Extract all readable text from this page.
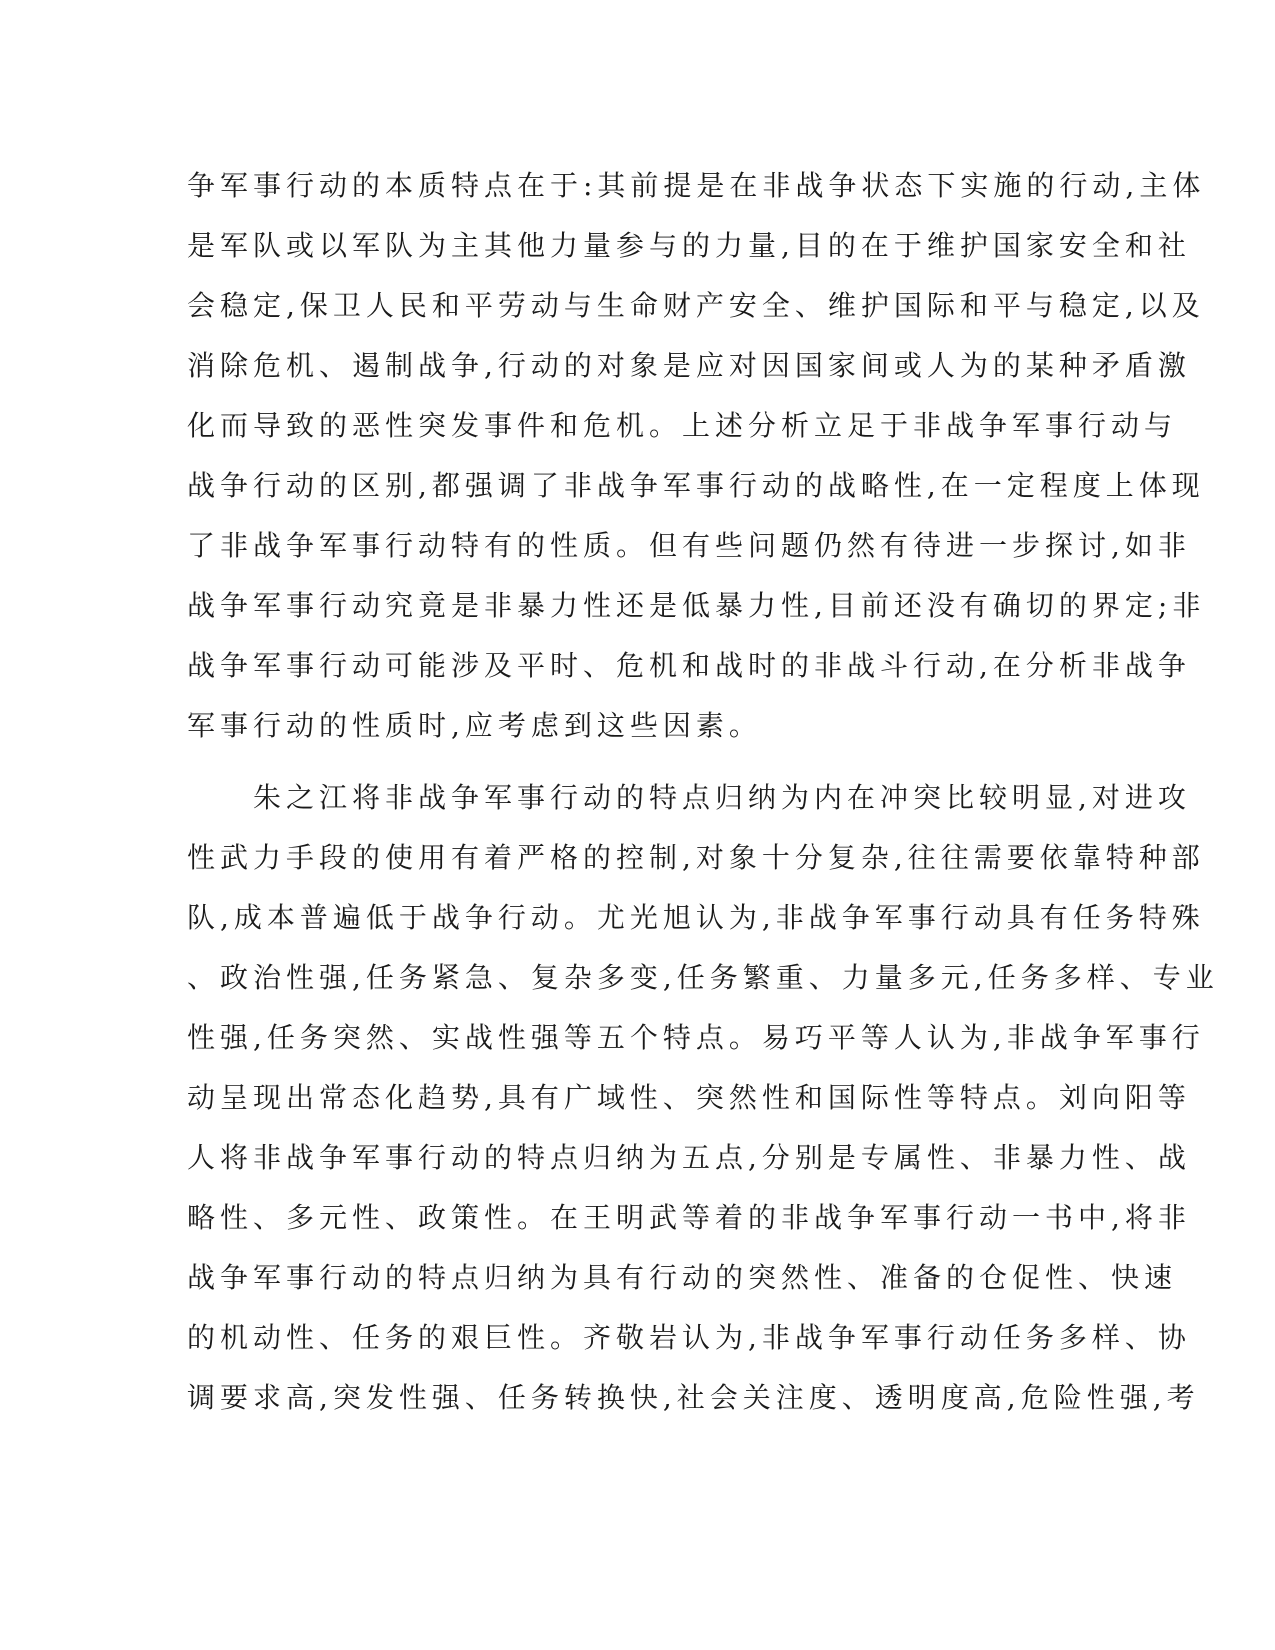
争军事行动的本质特点在于:其前提是在非战争状态下实施的行动,主体
是军队或以军队为主其他力量参与的力量,目的在于维护国家安全和社
会稳定,保卫人民和平劳动与生命财产安全、维护国际和平与稳定,以及
消除危机、遏制战争,行动的对象是应对因国家间或人为的某种矛盾激
化而导致的恶性突发事件和危机。上述分析立足于非战争军事行动与
战争行动的区别,都强调了非战争军事行动的战略性,在一定程度上体现
了非战争军事行动特有的性质。但有些问题仍然有待进一步探讨,如非
战争军事行动究竟是非暴力性还是低暴力性,目前还没有确切的界定;非
战争军事行动可能涉及平时、危机和战时的非战斗行动,在分析非战争
军事行动的性质时,应考虑到这些因素。
朱之江将非战争军事行动的特点归纳为内在冲突比较明显,对进攻
性武力手段的使用有着严格的控制,对象十分复杂,往往需要依靠特种部
队,成本普遍低于战争行动。尤光旭认为,非战争军事行动具有任务特殊
、政治性强,任务紧急、复杂多变,任务繁重、力量多元,任务多样、专业
性强,任务突然、实战性强等五个特点。易巧平等人认为,非战争军事行
动呈现出常态化趋势,具有广域性、突然性和国际性等特点。刘向阳等
人将非战争军事行动的特点归纳为五点,分别是专属性、非暴力性、战
略性、多元性、政策性。在王明武等着的非战争军事行动一书中,将非
战争军事行动的特点归纳为具有行动的突然性、准备的仓促性、快速
的机动性、任务的艰巨性。齐敬岩认为,非战争军事行动任务多样、协
调要求高,突发性强、任务转换快,社会关注度、透明度高,危险性强,考
